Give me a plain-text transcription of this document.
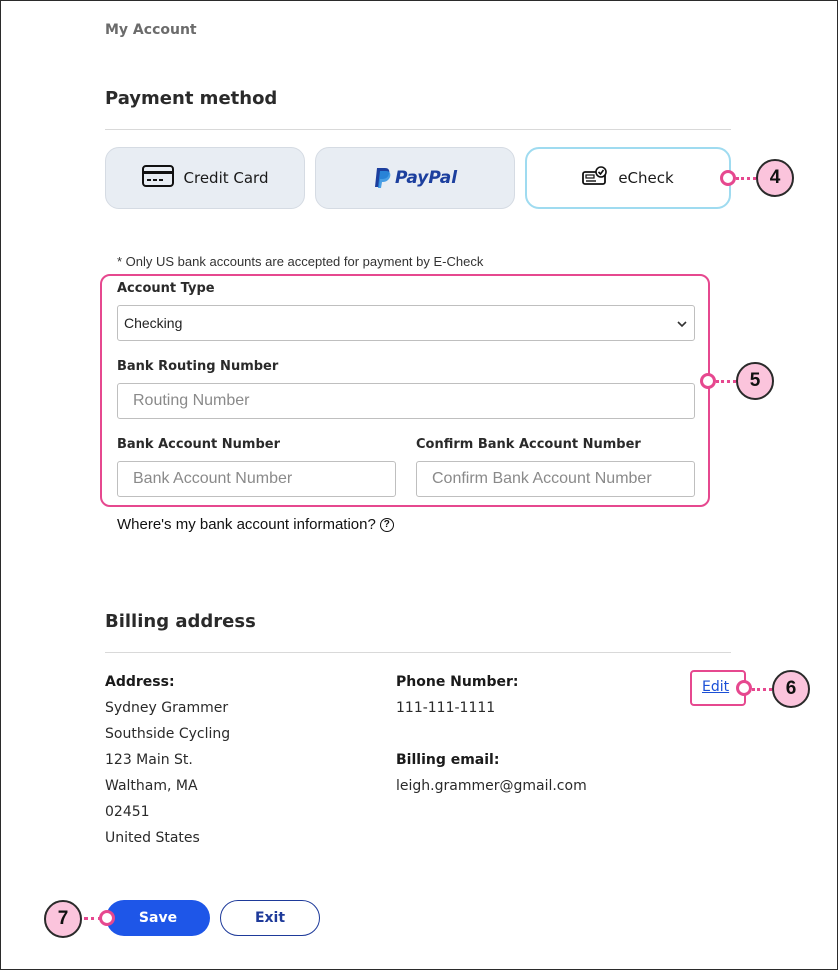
My Account
Payment method
Credit Card	PayPal	eCheck	4
* Only US bank accounts are accepted for payment by E-Check
5
Account Type
Checking
Bank Routing Number
Routing Number
Bank Account Number
Bank Account Number
Confirm Bank Account Number
Confirm Bank Account Number
Where's my bank account information? ?
Billing address
Address:
Sydney Grammer
Southside Cycling
123 Main St.
Waltham, MA
02451
United States
Phone Number:
111-111-1111
Billing email:
leigh.grammer@gmail.com
Edit	6
7	Save	Exit
